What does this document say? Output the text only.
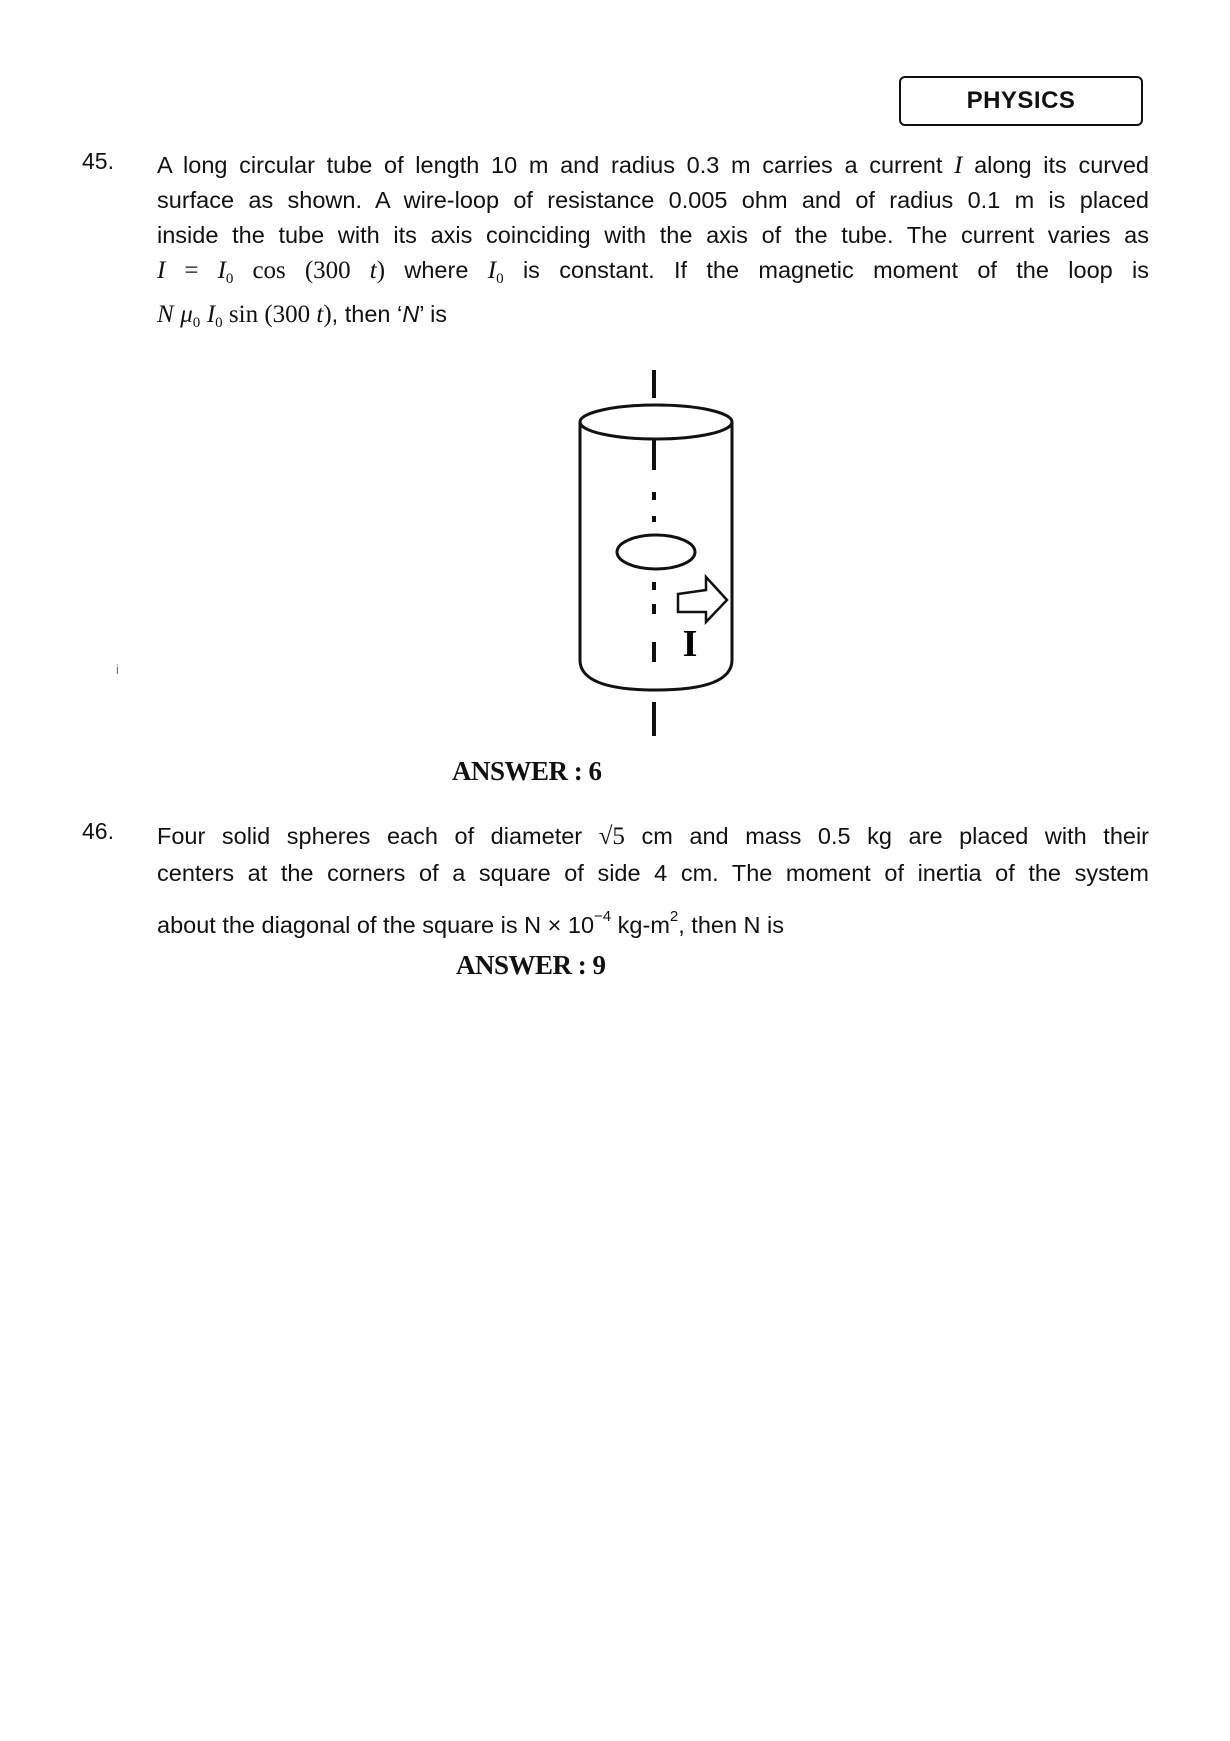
PHYSICS
45. A long circular tube of length 10 m and radius 0.3 m carries a current I along its curved

surface as shown. A wire-loop of resistance 0.005 ohm and of radius 0.1 m is placed

inside the tube with its axis coinciding with the axis of the tube. The current varies as

$I = I_0$ cos (300 t) where $I_0$ is constant. If the magnetic moment of the loop is

N $\mu_0$ $I_0$ sin (300 t), then ‘N’ is

I
ANSWER : 6
46. Four solid spheres each of diameter √5 cm and mass 0.5 kg are placed with their

centers at the corners of a square of side 4 cm. The moment of inertia of the system

about the diagonal of the square is $N \times 10^{-4}$ $kg-m^2$, then N is

ANSWER : 9
i
